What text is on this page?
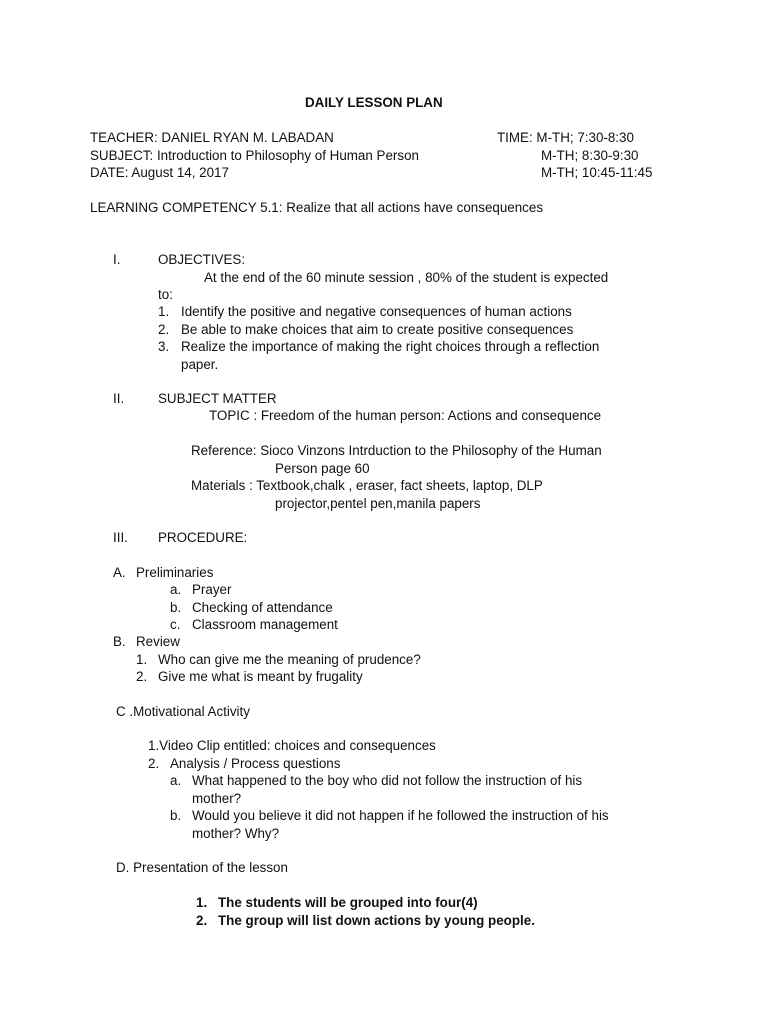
DAILY LESSON PLAN
TEACHER: DANIEL RYAN M. LABADAN
SUBJECT: Introduction to Philosophy of Human Person
DATE: August 14, 2017
TIME: M-TH; 7:30-8:30
M-TH; 8:30-9:30
M-TH; 10:45-11:45
LEARNING COMPETENCY 5.1: Realize that all actions have consequences
I.	OBJECTIVES:
At the end of the 60 minute session , 80% of the student is expected
to:
1. Identify the positive and negative consequences of human actions
2. Be able to make choices that aim to create positive consequences
3. Realize the importance of making the right choices through a reflection
paper.
II.	SUBJECT MATTER
TOPIC : Freedom of the human person: Actions and consequence
Reference: Sioco Vinzons Intrduction to the Philosophy of the Human
Person page 60
Materials : Textbook,chalk , eraser, fact sheets, laptop, DLP
projector,pentel pen,manila papers
III. PROCEDURE:
A. Preliminaries
a. Prayer
b. Checking of attendance
c. Classroom management
B. Review
1. Who can give me the meaning of prudence?
2. Give me what is meant by frugality
C .Motivational Activity
1.Video Clip entitled: choices and consequences
2. Analysis / Process questions
a. What happened to the boy who did not follow the instruction of his
mother?
b. Would you believe it did not happen if he followed the instruction of his
mother? Why?
D. Presentation of the lesson
1. The students will be grouped into four(4)
2. The group will list down actions by young people.
